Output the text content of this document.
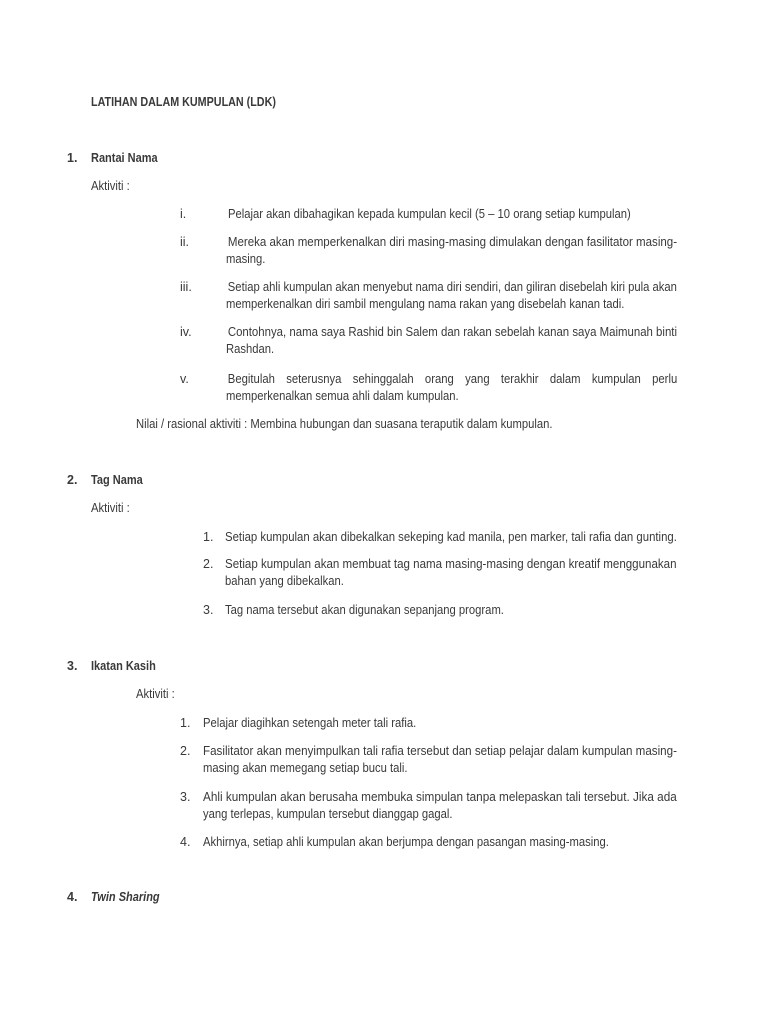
LATIHAN DALAM KUMPULAN (LDK)
1. Rantai Nama
Aktiviti :
i.	Pelajar akan dibahagikan kepada kumpulan kecil (5 – 10 orang setiap kumpulan)
ii.	Mereka akan memperkenalkan diri masing-masing dimulakan dengan fasilitator masing-
masing.
iii.	Setiap ahli kumpulan akan menyebut nama diri sendiri, dan giliran disebelah kiri pula akan
memperkenalkan diri sambil mengulang nama rakan yang disebelah kanan tadi.
iv.	Contohnya, nama saya Rashid bin Salem dan rakan sebelah kanan saya Maimunah binti
Rashdan.
v.	Begitulah seterusnya sehinggalah orang yang terakhir dalam kumpulan perlu
memperkenalkan semua ahli dalam kumpulan.
Nilai / rasional aktiviti : Membina hubungan dan suasana teraputik dalam kumpulan.
2. Tag Nama
Aktiviti :
1. Setiap kumpulan akan dibekalkan sekeping kad manila, pen marker, tali rafia dan gunting.
2. Setiap kumpulan akan membuat tag nama masing-masing dengan kreatif menggunakan
bahan yang dibekalkan.
3. Tag nama tersebut akan digunakan sepanjang program.
3. Ikatan Kasih
Aktiviti :
1. Pelajar diagihkan setengah meter tali rafia.
2. Fasilitator akan menyimpulkan tali rafia tersebut dan setiap pelajar dalam kumpulan masing-
masing akan memegang setiap bucu tali.
3. Ahli kumpulan akan berusaha membuka simpulan tanpa melepaskan tali tersebut. Jika ada
yang terlepas, kumpulan tersebut dianggap gagal.
4. Akhirnya, setiap ahli kumpulan akan berjumpa dengan pasangan masing-masing.
4. Twin Sharing
